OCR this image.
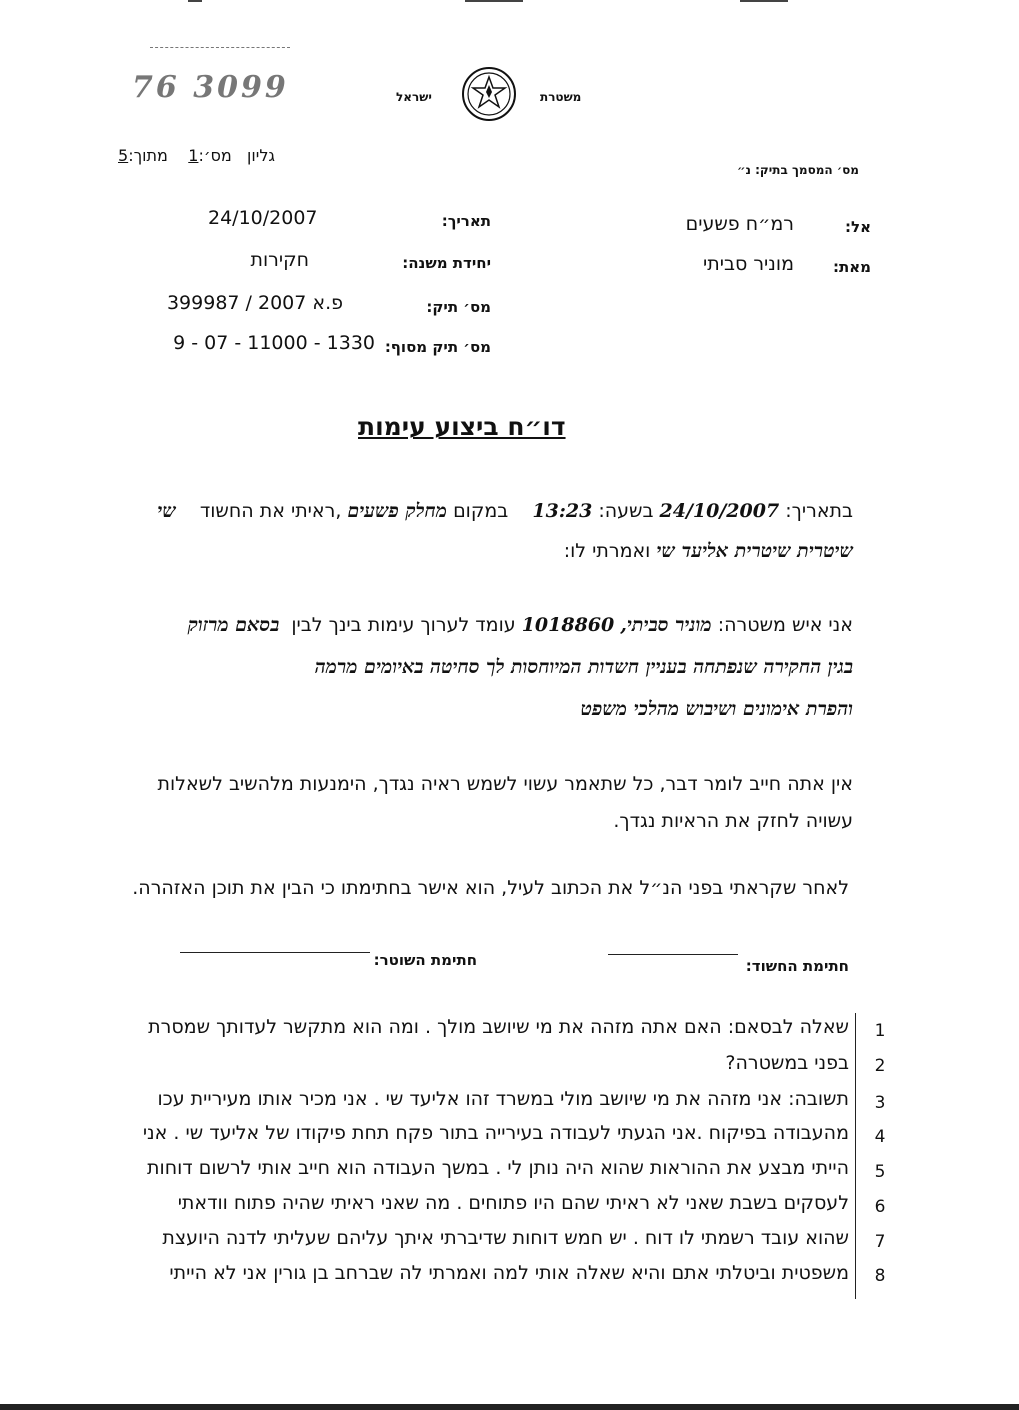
76 3099	משטרת
ישראל
גליון   מס׳:1    מתוך:5
מס׳ המסמך בתיק: נ״
אל:
רמ״ח פשעים
מאת:
מוניר סביתי
תאריך:
24/10/2007
יחידת משנה:
חקירות
מס׳ תיק:
פ.א 2007 / 399987
מס׳ תיק מסוף:
9 - 07 - 11000 - 1330
דו״ח ביצוע עימות
בתאריך: 24/10/2007 בשעה: 13:23    במקום מחלק פשעים ,ראיתי את החשוד    שי
שיטרית שיטרית אליעד שי ואמרתי לו:
אני איש משטרה: מוניר סביתי, 1018860 עומד לערוך עימות בינך לבין  בסאם מרזוק
בגין החקירה שנפתחה בעניין חשדות המיוחסות לך סחיטה באיומים מרמה
והפרת אימונים ושיבוש מהלכי משפט
אין אתה חייב לומר דבר, כל שתאמר עשוי לשמש ראיה נגדך, הימנעות מלהשיב לשאלות
עשויה לחזק את הראיות נגדך.
לאחר שקראתי בפני הנ״ל את הכתוב לעיל, הוא אישר בחתימתו כי הבין את תוכן האזהרה.
חתימת החשוד:
חתימת השוטר:
1
שאלה לבסאם: האם אתה מזהה את מי שיושב מולך . ומה הוא מתקשר לעדותך שמסרת
2
בפני במשטרה?
3
תשובה: אני מזהה את מי שיושב מולי במשרד זהו אליעד שי . אני מכיר אותו מעיריית עכו
4
מהעבודה בפיקוח .אני הגעתי לעבודה בעירייה בתור פקח תחת פיקודו של אליעד שי . אני
5
הייתי מבצע את ההוראות שהוא היה נותן לי . במשך העבודה הוא חייב אותי לרשום דוחות
6
לעסקים בשבת שאני לא ראיתי שהם היו פתוחים . מה שאני ראיתי שהיה פתוח וודאתי
7
שהוא עובד רשמתי לו דוח . יש חמש דוחות שדיברתי איתך עליהם שעליתי לדנה היועצת
8
משפטית וביטלתי אתם והיא שאלה אותי למה ואמרתי לה שברחב בן גורין אני לא הייתי
